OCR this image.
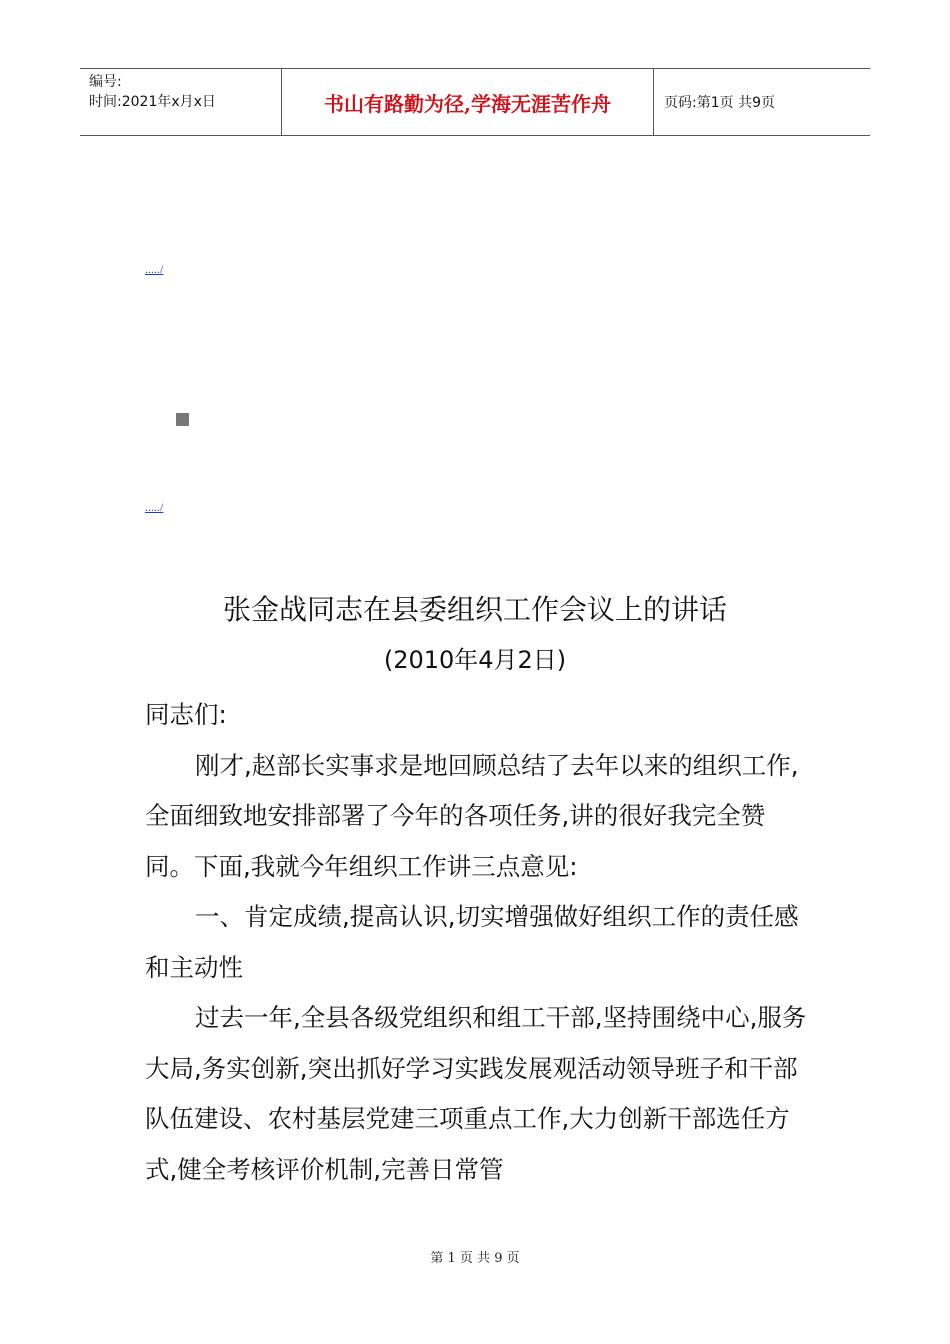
编号:
时间:2021年x月x日	书山有路勤为径,学海无涯苦作舟	页码:第1页 共9页
...../
...../
张金战同志在县委组织工作会议上的讲话
(2010年4月2日)

同志们:

刚才,赵部长实事求是地回顾总结了去年以来的组织工作,全面细致地安排部署了今年的各项任务,讲的很好我完全赞同。下面,我就今年组织工作讲三点意见:

一、肯定成绩,提高认识,切实增强做好组织工作的责任感和主动性

过去一年,全县各级党组织和组工干部,坚持围绕中心,服务大局,务实创新,突出抓好学习实践发展观活动领导班子和干部队伍建设、农村基层党建三项重点工作,大力创新干部选任方式,健全考核评价机制,完善日常管

第 1 页 共 9 页
